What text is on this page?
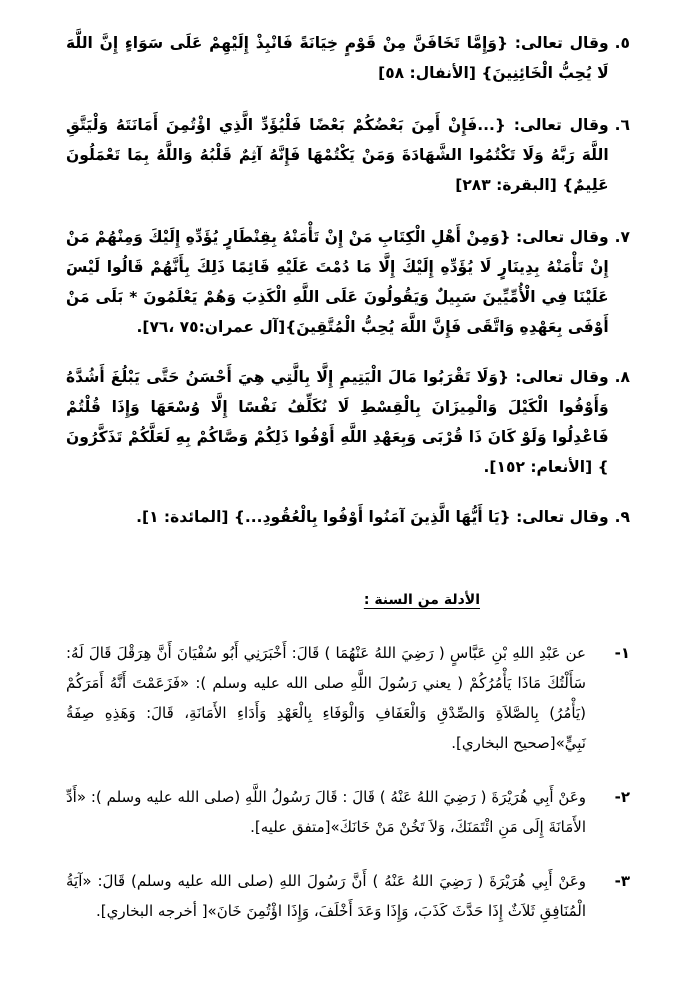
٥.
وقال تعالى: {وَإِمَّا تَخَافَنَّ مِنْ قَوْمٍ خِيَانَةً فَانْبِذْ إِلَيْهِمْ عَلَى سَوَاءٍ إِنَّ اللَّهَ لَا يُحِبُّ الْخَائِنِينَ} [الأنفال: ٥٨]
٦.
وقال تعالى: {...فَإِنْ أَمِنَ بَعْضُكُمْ بَعْضًا فَلْيُؤَدِّ الَّذِي اؤْتُمِنَ أَمَانَتَهُ وَلْيَتَّقِ اللَّهَ رَبَّهُ وَلَا تَكْتُمُوا الشَّهَادَةَ وَمَنْ يَكْتُمْهَا فَإِنَّهُ آثِمٌ قَلْبُهُ وَاللَّهُ بِمَا تَعْمَلُونَ عَلِيمٌ} [البقرة: ٢٨٣]
٧.
وقال تعالى: {وَمِنْ أَهْلِ الْكِتَابِ مَنْ إِنْ تَأْمَنْهُ بِقِنْطَارٍ يُؤَدِّهِ إِلَيْكَ وَمِنْهُمْ مَنْ إِنْ تَأْمَنْهُ بِدِينَارٍ لَا يُؤَدِّهِ إِلَيْكَ إِلَّا مَا دُمْتَ عَلَيْهِ قَائِمًا ذَلِكَ بِأَنَّهُمْ قَالُوا لَيْسَ عَلَيْنَا فِي الْأُمِّيِّينَ سَبِيلٌ وَيَقُولُونَ عَلَى اللَّهِ الْكَذِبَ وَهُمْ يَعْلَمُونَ * بَلَى مَنْ أَوْفَى بِعَهْدِهِ وَاتَّقَى فَإِنَّ اللَّهَ يُحِبُّ الْمُتَّقِينَ}[آل عمران:٧٥ ،٧٦].
٨.
وقال تعالى: {وَلَا تَقْرَبُوا مَالَ الْيَتِيمِ إِلَّا بِالَّتِي هِيَ أَحْسَنُ حَتَّى يَبْلُغَ أَشُدَّهُ وَأَوْفُوا الْكَيْلَ وَالْمِيزَانَ بِالْقِسْطِ لَا نُكَلِّفُ نَفْسًا إِلَّا وُسْعَهَا وَإِذَا قُلْتُمْ فَاعْدِلُوا وَلَوْ كَانَ ذَا قُرْبَى وَبِعَهْدِ اللَّهِ أَوْفُوا ذَلِكُمْ وَصَّاكُمْ بِهِ لَعَلَّكُمْ تَذَكَّرُونَ } [الأنعام: ١٥٢].
٩.
وقال تعالى: {يَا أَيُّهَا الَّذِينَ آمَنُوا أَوْفُوا بِالْعُقُودِ...} [المائدة: ١].
الأدلة من السنة :
١-
عن عَبْدِ اللهِ بْنِ عَبَّاسٍ ( رَضِيَ اللهُ عَنْهُمَا ) قَالَ: أَخْبَرَنِي أَبُو سُفْيَانَ أَنَّ هِرَقْلَ قَالَ لَهُ: سَأَلْتُكَ مَاذَا يَأْمُرُكُمْ ( يعني رَسُولَ اللَّهِ صلى الله عليه وسلم ): «فَزَعَمْتَ أَنَّهُ أَمَرَكُمْ (يَأْمُرُ) بِالصَّلاَةِ وَالصِّدْقِ وَالْعَفَافِ وَالْوَفَاءِ بِالْعَهْدِ وَأَدَاءِ الأَمَانَةِ، قَالَ: وَهَذِهِ صِفَةُ نَبِيٍّ»[صحيح البخاري].
٢-
وعَنْ أَبِي هُرَيْرَةَ ( رَضِيَ اللهُ عَنْهُ ) قَالَ : قَالَ رَسُولُ اللَّهِ (صلى الله عليه وسلم ): «أَدِّ الأَمَانَةَ إِلَى مَنِ ائْتَمَنَكَ، وَلاَ تَخُنْ مَنْ خَانَكَ»[متفق عليه].
٣-
وعَنْ أَبِي هُرَيْرَةَ ( رَضِيَ اللهُ عَنْهُ ) أَنَّ رَسُولَ اللهِ (صلى الله عليه وسلم) قَالَ: «آيَةُ الْمُنَافِقِ ثَلاَثٌ إِذَا حَدَّثَ كَذَبَ، وَإِذَا وَعَدَ أَخْلَفَ، وَإِذَا اؤْتُمِنَ خَانَ»[ أخرجه البخاري].
